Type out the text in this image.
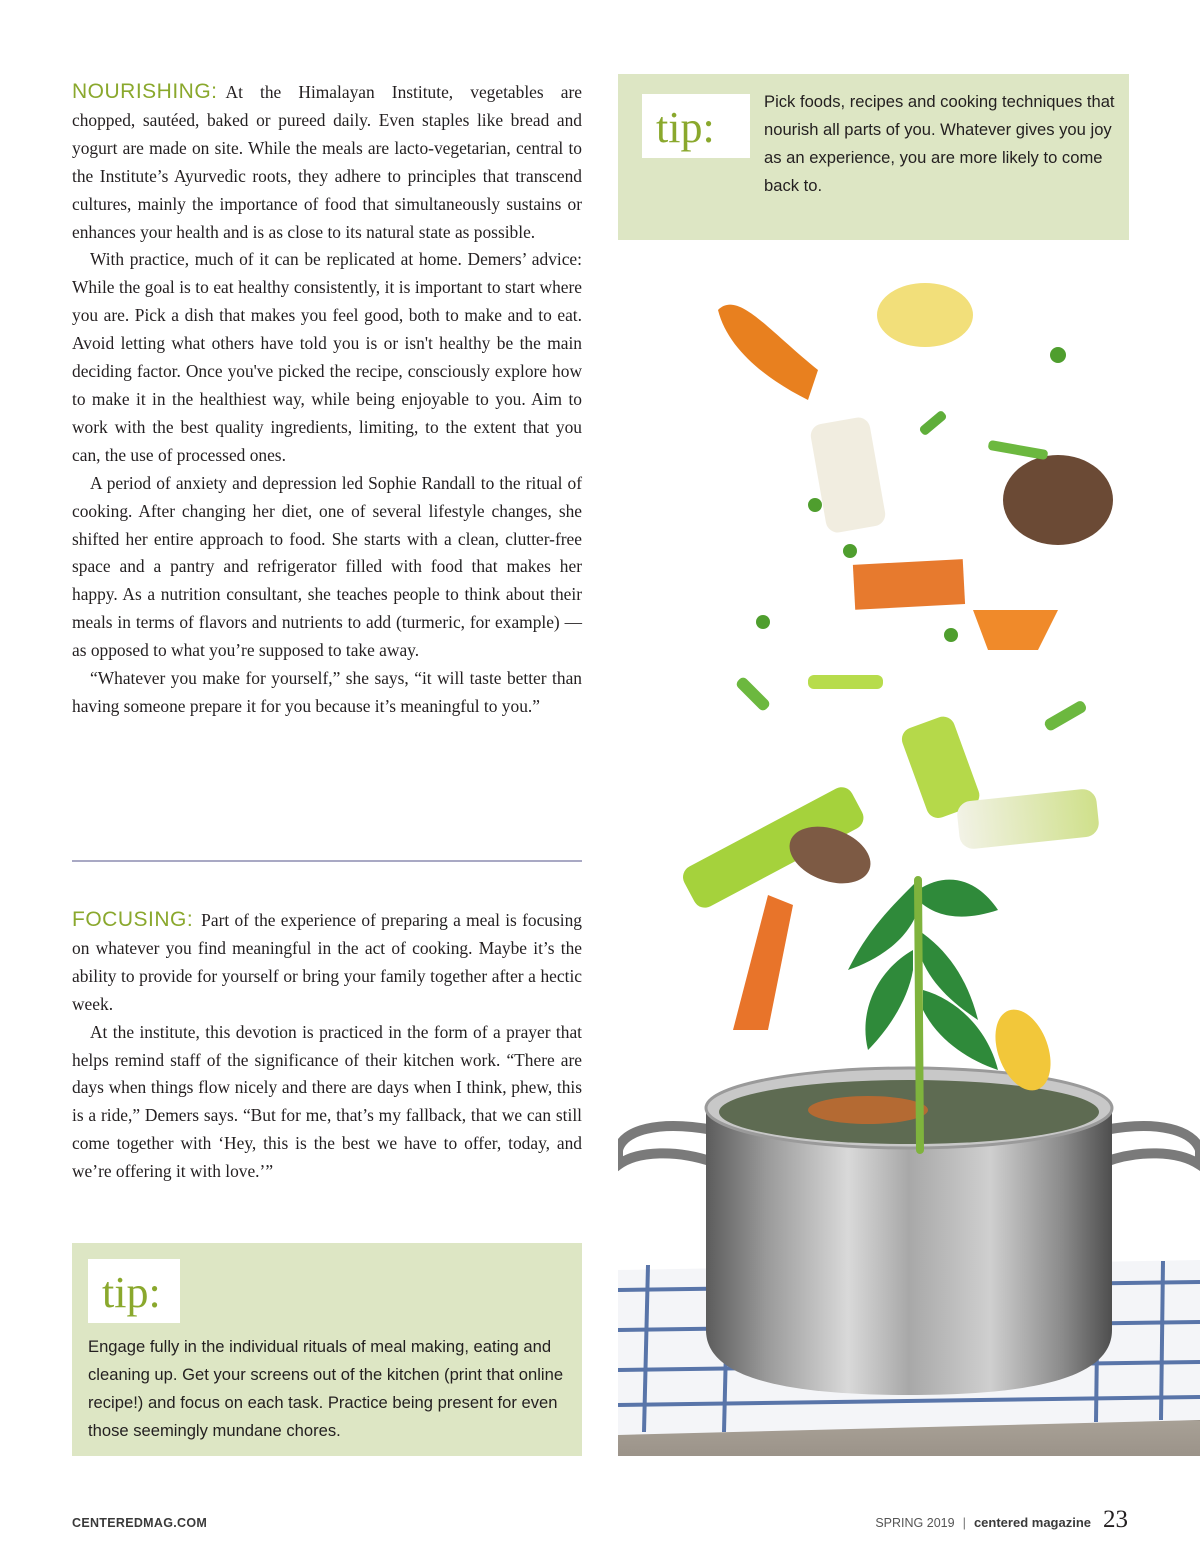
NOURISHING: At the Himalayan Institute, vegetables are chopped, sautéed, baked or pureed daily. Even staples like bread and yogurt are made on site. While the meals are lacto-vegetarian, central to the Institute’s Ayurvedic roots, they adhere to principles that transcend cultures, mainly the importance of food that simultaneously sustains or enhances your health and is as close to its natural state as possible.

With practice, much of it can be replicated at home. Demers’ advice: While the goal is to eat healthy consistently, it is important to start where you are. Pick a dish that makes you feel good, both to make and to eat. Avoid letting what others have told you is or isn't healthy be the main deciding factor. Once you've picked the recipe, consciously explore how to make it in the healthiest way, while being enjoyable to you. Aim to work with the best quality ingredients, limiting, to the extent that you can, the use of processed ones.

A period of anxiety and depression led Sophie Randall to the ritual of cooking. After changing her diet, one of several lifestyle changes, she shifted her entire approach to food. She starts with a clean, clutter-free space and a pantry and refrigerator filled with food that makes her happy. As a nutrition consultant, she teaches people to think about their meals in terms of flavors and nutrients to add (turmeric, for example) — as opposed to what you’re supposed to take away.

“Whatever you make for yourself,” she says, “it will taste better than having someone prepare it for you because it’s meaningful to you.”

FOCUSING: Part of the experience of preparing a meal is focusing on whatever you find meaningful in the act of cooking. Maybe it’s the ability to provide for yourself or bring your family together after a hectic week.

At the institute, this devotion is practiced in the form of a prayer that helps remind staff of the significance of their kitchen work. “There are days when things flow nicely and there are days when I think, phew, this is a ride,” Demers says. “But for me, that’s my fallback, that we can still come together with ‘Hey, this is the best we have to offer, today, and we’re offering it with love.’”

tip:
Pick foods, recipes and cooking techniques that nourish all parts of you. Whatever gives you joy as an experience, you are more likely to come back to.
tip:
Engage fully in the individual rituals of meal making, eating and cleaning up. Get your screens out of the kitchen (print that online recipe!) and focus on each task. Practice being present for even those seemingly mundane chores.
CENTEREDMAG.COM	SPRING 2019 | centered magazine 23
